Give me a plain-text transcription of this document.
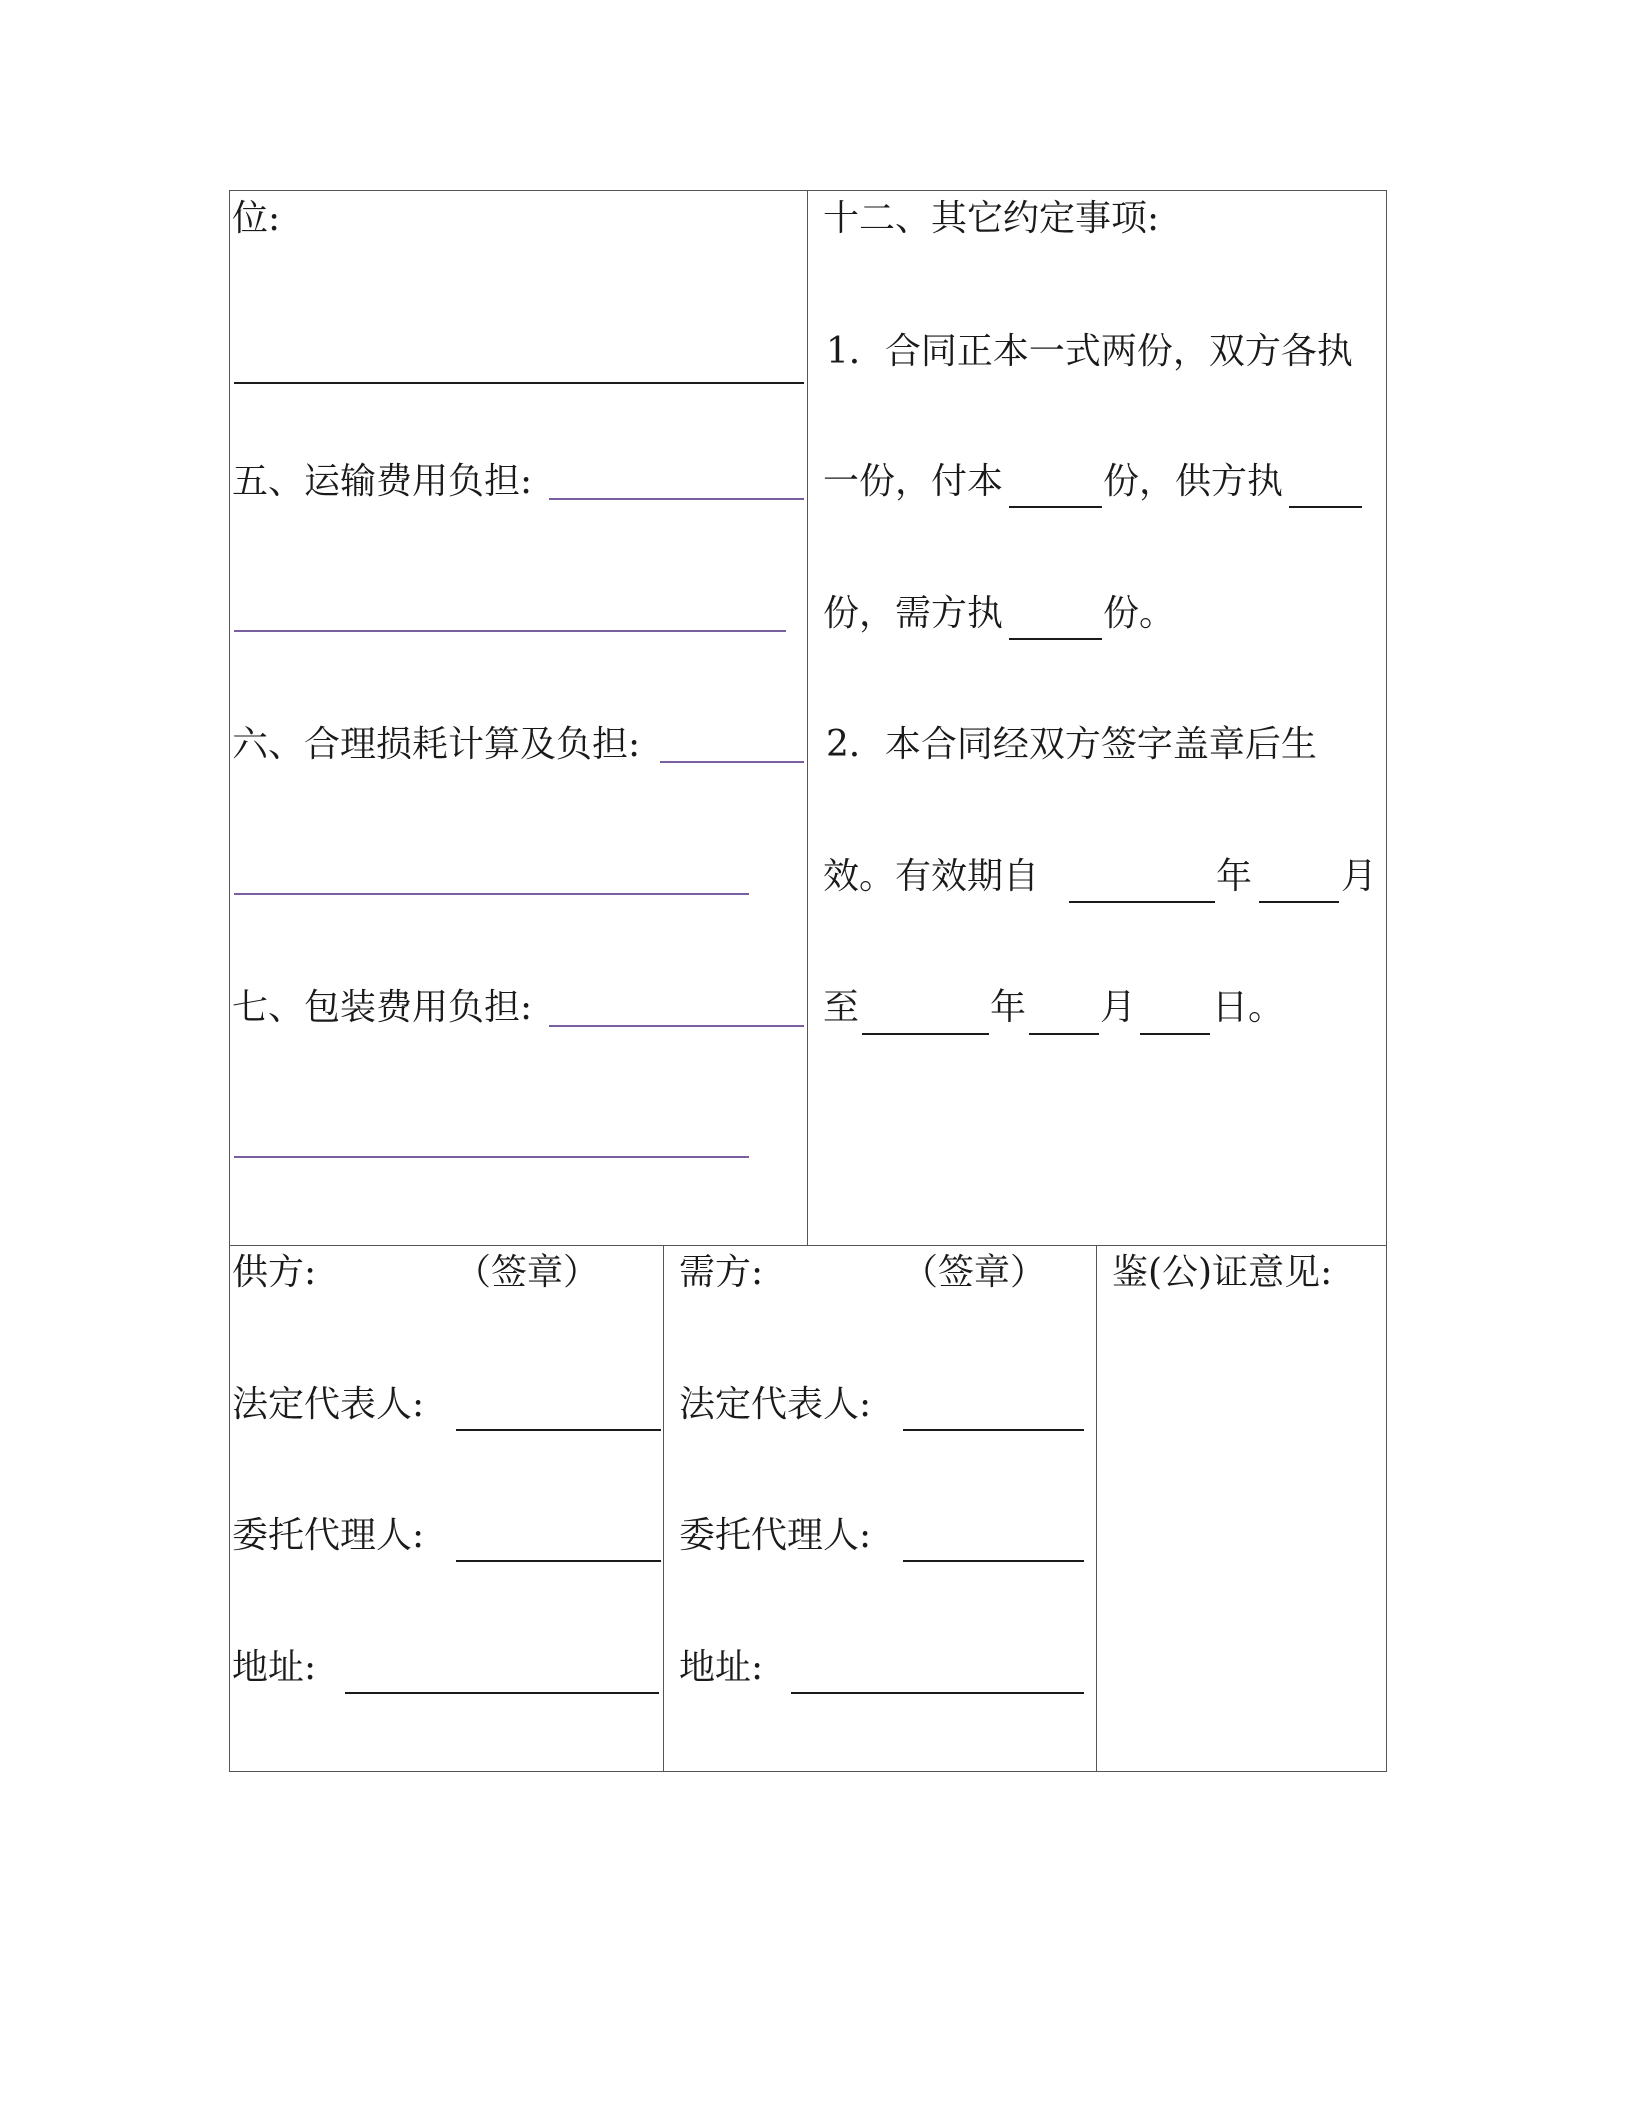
位:
五、运输费用负担:
六、合理损耗计算及负担:
七、包装费用负担:
十二、其它约定事项:
1．合同正本一式两份，双方各执
一份，付本	份，供方执
份，需方执	份。
2．本合同经双方签字盖章后生
效。有效期自	年 月
至	年 月 日。
供方:	（签章）
法定代表人:
委托代理人:
地址:
需方:	（签章）
法定代表人:
委托代理人:
地址:
鉴(公)证意见:
